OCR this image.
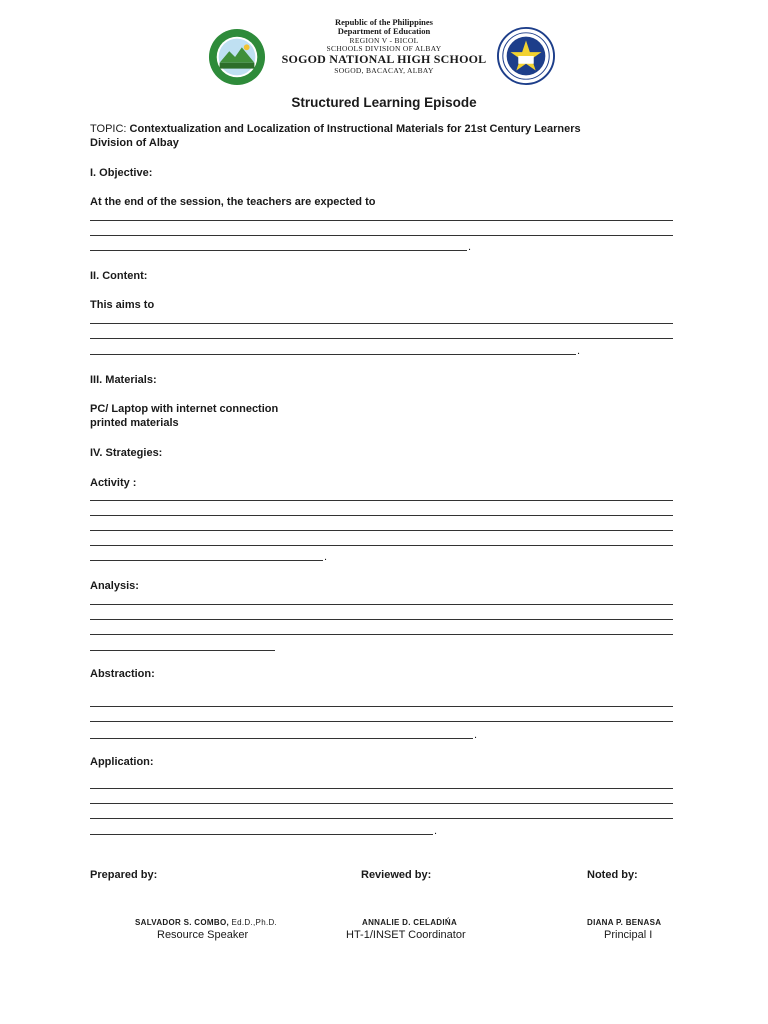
Republic of the Philippines
Department of Education
REGION V - BICOL
SCHOOLS DIVISION OF ALBAY
SOGOD NATIONAL HIGH SCHOOL
SOGOD, BACACAY, ALBAY
Structured Learning Episode
TOPIC: Contextualization and Localization of Instructional Materials for 21st Century Learners
Division of Albay
I. Objective:
At the end of the session, the teachers are expected to
.
II. Content:
This aims to
.
III. Materials:
PC/ Laptop with internet connection
printed materials
IV. Strategies:
Activity :
.
Analysis:
Abstraction:
.
Application:
.
Prepared by:	Reviewed by:	Noted by:
SALVADOR S. COMBO, Ed.D.,Ph.D.
Resource Speaker
ANNALIE D. CELADIŃA
HT-1/INSET Coordinator
DIANA P. BENASA
Principal I
